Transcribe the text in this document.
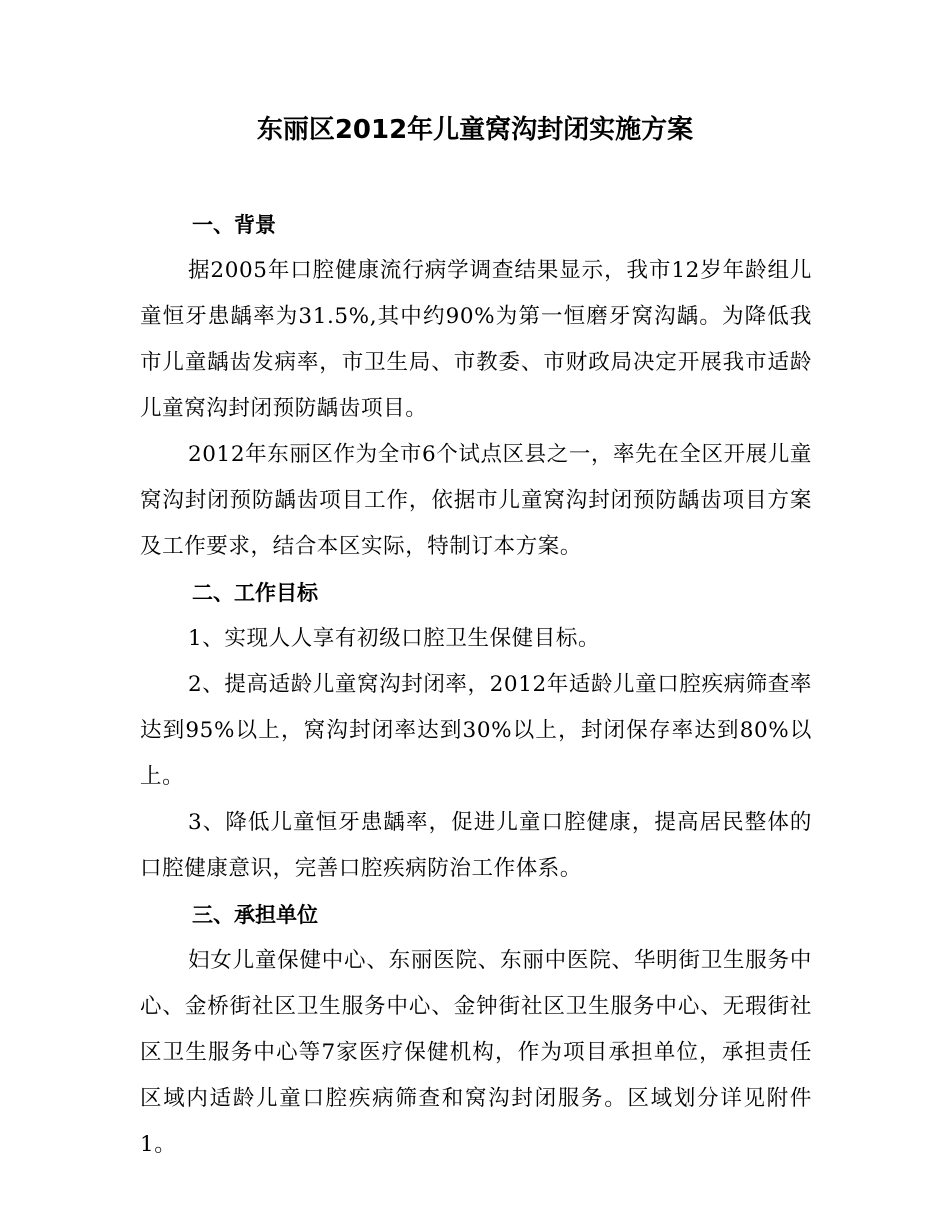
东丽区2012年儿童窝沟封闭实施方案
一、背景

据2005年口腔健康流行病学调查结果显示，我市12岁年龄组儿童恒牙患龋率为31.5%,其中约90%为第一恒磨牙窝沟龋。为降低我市儿童龋齿发病率，市卫生局、市教委、市财政局决定开展我市适龄儿童窝沟封闭预防龋齿项目。

2012年东丽区作为全市6个试点区县之一，率先在全区开展儿童窝沟封闭预防龋齿项目工作，依据市儿童窝沟封闭预防龋齿项目方案及工作要求，结合本区实际，特制订本方案。

二、工作目标

1、实现人人享有初级口腔卫生保健目标。

2、提高适龄儿童窝沟封闭率，2012年适龄儿童口腔疾病筛查率达到95%以上，窝沟封闭率达到30%以上，封闭保存率达到80%以上。

3、降低儿童恒牙患龋率，促进儿童口腔健康，提高居民整体的口腔健康意识，完善口腔疾病防治工作体系。

三、承担单位

妇女儿童保健中心、东丽医院、东丽中医院、华明街卫生服务中心、金桥街社区卫生服务中心、金钟街社区卫生服务中心、无瑕街社区卫生服务中心等7家医疗保健机构，作为项目承担单位，承担责任区域内适龄儿童口腔疾病筛查和窝沟封闭服务。区域划分详见附件1。
